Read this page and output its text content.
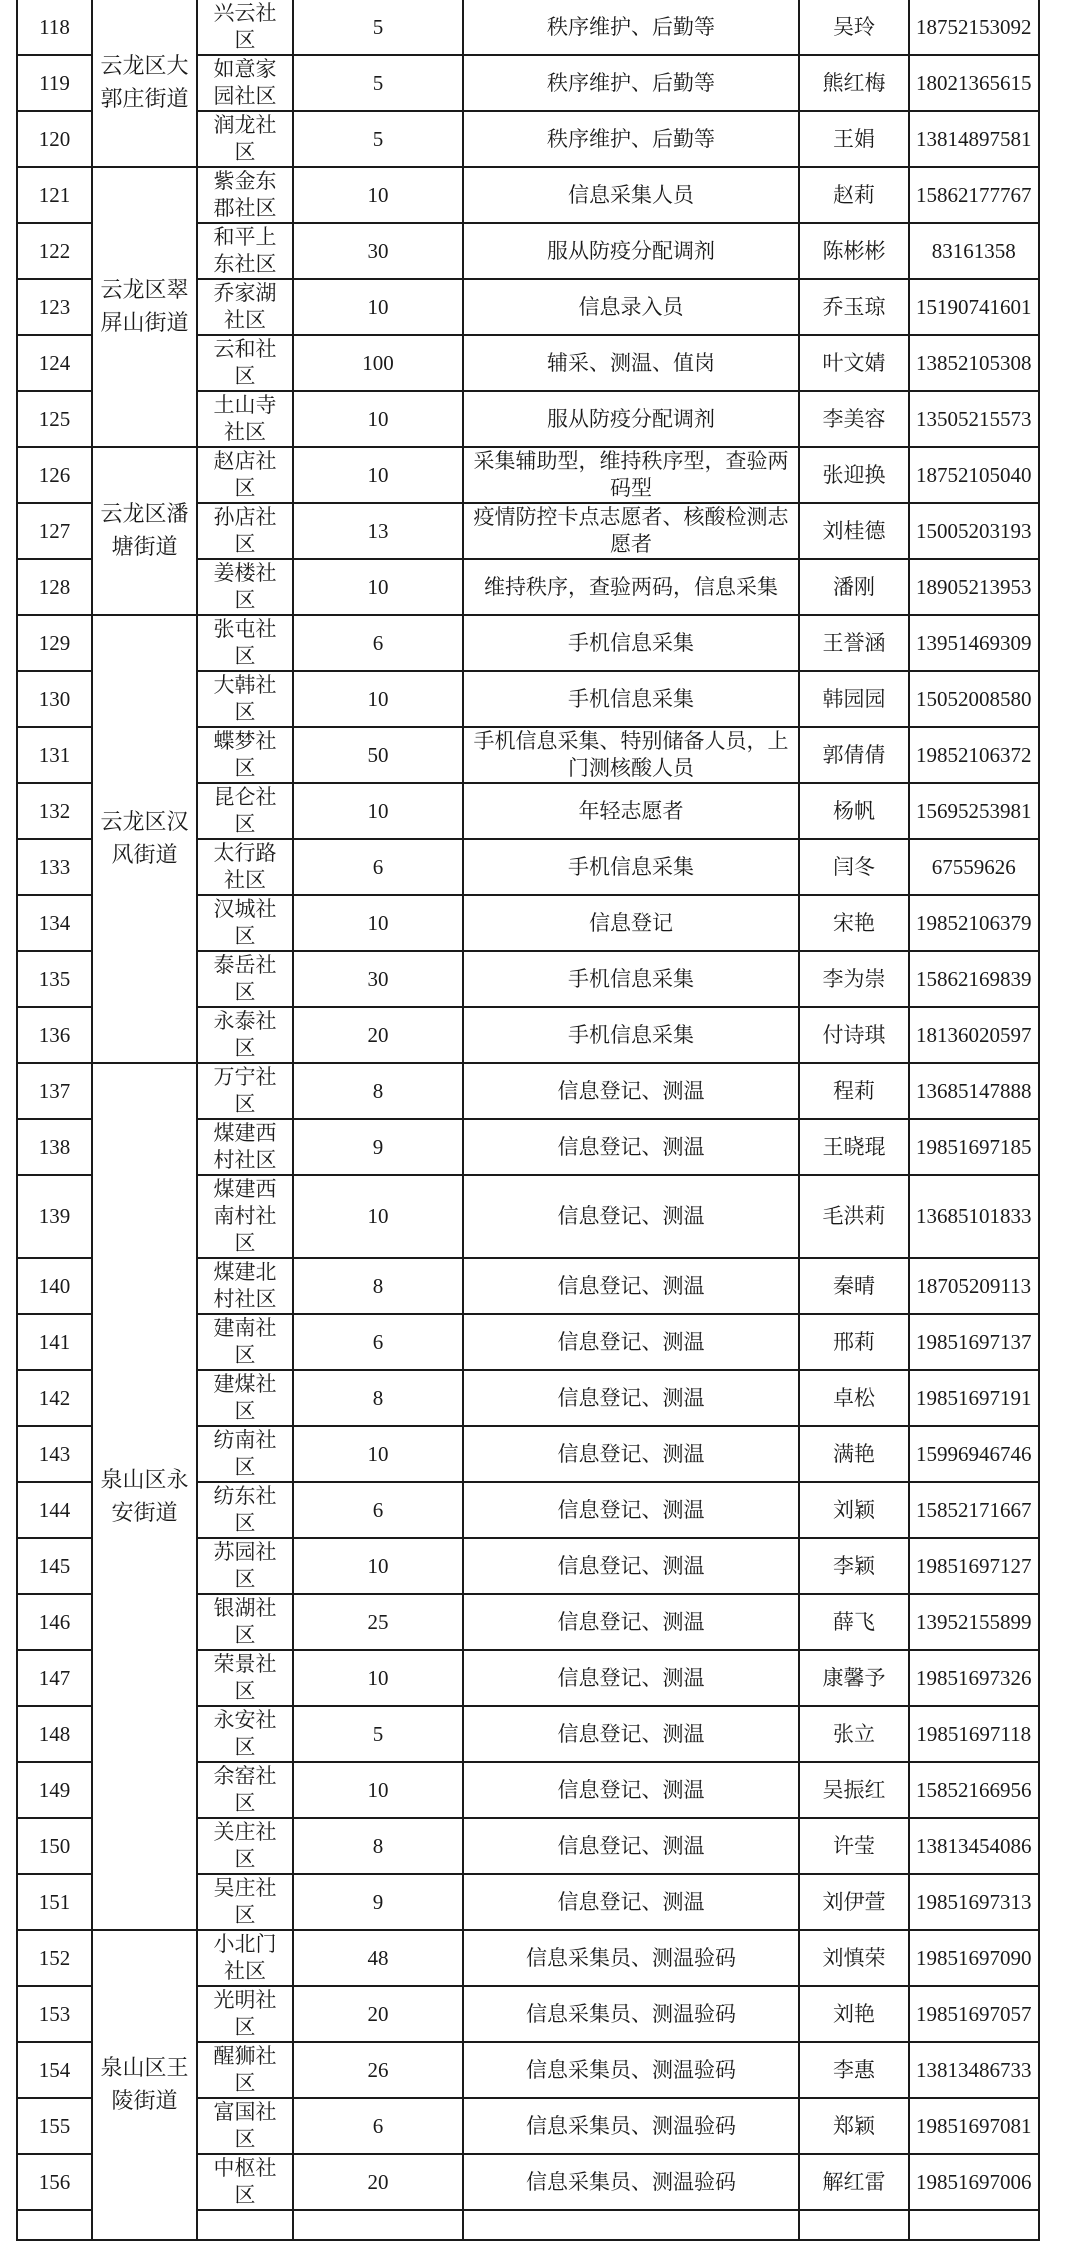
118	云龙区大郭庄街道	兴云社区	5	秩序维护、后勤等	吴玲	18752153092
119		如意家园社区	5	秩序维护、后勤等	熊红梅	18021365615
120		润龙社区	5	秩序维护、后勤等	王娟	13814897581
121	云龙区翠屏山街道	紫金东郡社区	10	信息采集人员	赵莉	15862177767
122		和平上东社区	30	服从防疫分配调剂	陈彬彬	83161358
123		乔家湖社区	10	信息录入员	乔玉琼	15190741601
124		云和社区	100	辅采、测温、值岗	叶文婧	13852105308
125		土山寺社区	10	服从防疫分配调剂	李美容	13505215573
126	云龙区潘塘街道	赵店社区	10	采集辅助型，维持秩序型，查验两码型	张迎换	18752105040
127		孙店社区	13	疫情防控卡点志愿者、核酸检测志愿者	刘桂德	15005203193
128		姜楼社区	10	维持秩序，查验两码，信息采集	潘刚	18905213953
129	云龙区汉风街道	张屯社区	6	手机信息采集	王誉涵	13951469309
130		大韩社区	10	手机信息采集	韩园园	15052008580
131		蝶梦社区	50	手机信息采集、特别储备人员，上门测核酸人员	郭倩倩	19852106372
132		昆仑社区	10	年轻志愿者	杨帆	15695253981
133		太行路社区	6	手机信息采集	闫冬	67559626
134		汉城社区	10	信息登记	宋艳	19852106379
135		泰岳社区	30	手机信息采集	李为崇	15862169839
136		永泰社区	20	手机信息采集	付诗琪	18136020597
137	泉山区永安街道	万宁社区	8	信息登记、测温	程莉	13685147888
138		煤建西村社区	9	信息登记、测温	王晓琨	19851697185
139		煤建西南村社区	10	信息登记、测温	毛洪莉	13685101833
140		煤建北村社区	8	信息登记、测温	秦晴	18705209113
141		建南社区	6	信息登记、测温	邢莉	19851697137
142		建煤社区	8	信息登记、测温	卓松	19851697191
143		纺南社区	10	信息登记、测温	满艳	15996946746
144		纺东社区	6	信息登记、测温	刘颖	15852171667
145		苏园社区	10	信息登记、测温	李颖	19851697127
146		银湖社区	25	信息登记、测温	薛飞	13952155899
147		荣景社区	10	信息登记、测温	康馨予	19851697326
148		永安社区	5	信息登记、测温	张立	19851697118
149		余窑社区	10	信息登记、测温	吴振红	15852166956
150		关庄社区	8	信息登记、测温	许莹	13813454086
151		吴庄社区	9	信息登记、测温	刘伊萱	19851697313
152	泉山区王陵街道	小北门社区	48	信息采集员、测温验码	刘慎荣	19851697090
153		光明社区	20	信息采集员、测温验码	刘艳	19851697057
154		醒狮社区	26	信息采集员、测温验码	李惠	13813486733
155		富国社区	6	信息采集员、测温验码	郑颖	19851697081
156		中枢社区	20	信息采集员、测温验码	解红雷	19851697006
